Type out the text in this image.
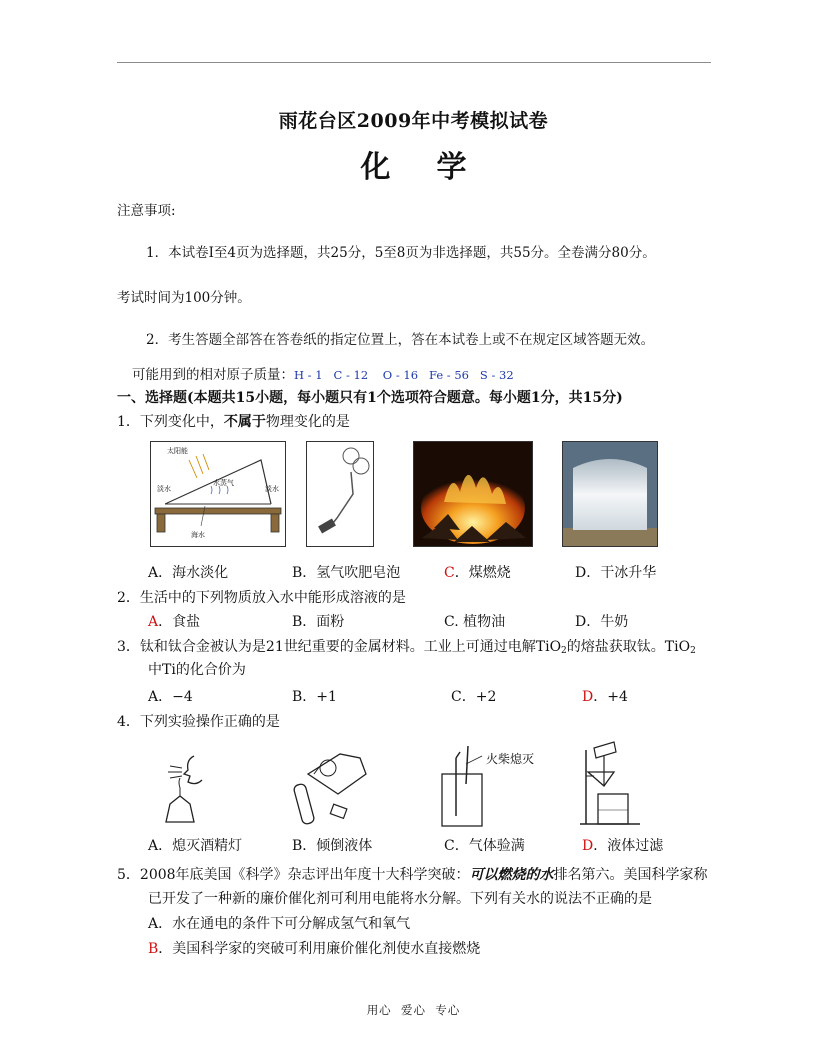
雨花台区2009年中考模拟试卷
化学
注意事项:
1．本试卷Ⅰ至4页为选择题，共25分，5至8页为非选择题，共55分。全卷满分80分。
考试时间为100分钟。
2．考生答题全部答在答卷纸的指定位置上，答在本试卷上或不在规定区域答题无效。
可能用到的相对原子质量：H - 1   C - 12    O - 16   Fe - 56   S - 32
一、选择题(本题共15小题，每小题只有1个选项符合题意。每小题1分，共15分)
1．下列变化中，不属于物理变化的是
太阳能
水蒸气
淡水	淡水
海水
A．海水淡化	B．氢气吹肥皂泡	C．煤燃烧	D．干冰升华
2．生活中的下列物质放入水中能形成溶液的是
A．食盐	B．面粉	C. 植物油	D．牛奶
3．钛和钛合金被认为是21世纪重要的金属材料。工业上可通过电解TiO$_2$的熔盐获取钛。TiO$_2$
中Ti的化合价为
A．−4	B．+1	C．+2	D．+4
4．下列实验操作正确的是
火柴熄灭
A．熄灭酒精灯	B．倾倒液体	C．气体验满	D．液体过滤
5．2008年底美国《科学》杂志评出年度十大科学突破：可以燃烧的水排名第六。美国科学家称
已开发了一种新的廉价催化剂可利用电能将水分解。下列有关水的说法不正确的是
A．水在通电的条件下可分解成氢气和氧气
B．美国科学家的突破可利用廉价催化剂使水直接燃烧
用心  爱心  专心
